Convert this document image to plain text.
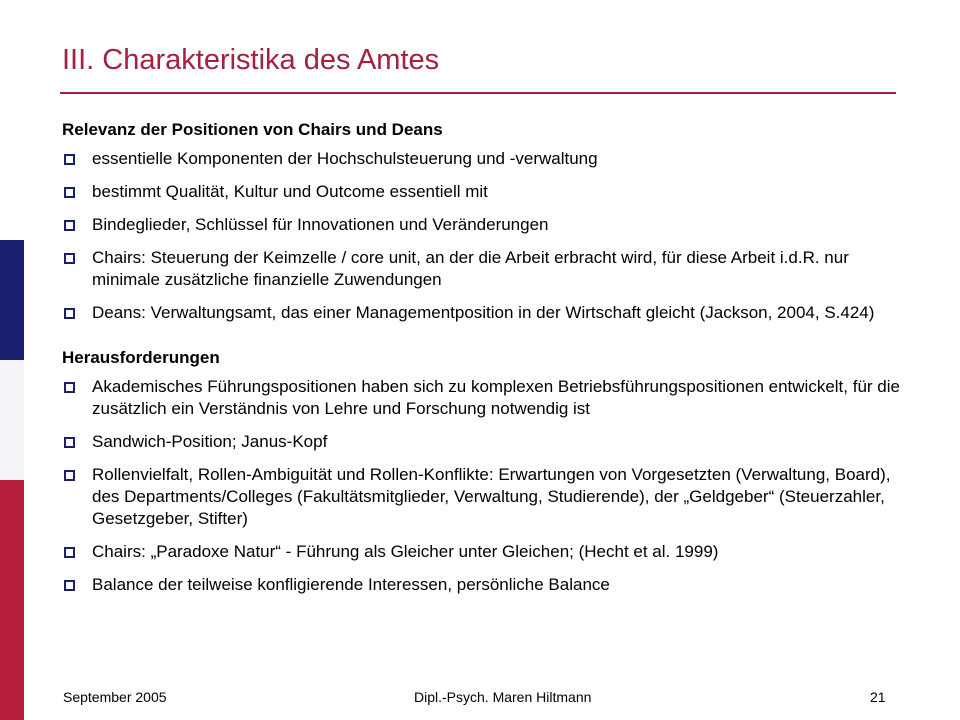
III. Charakteristika des Amtes
Relevanz der Positionen von Chairs und Deans
essentielle Komponenten der Hochschulsteuerung und -verwaltung
bestimmt Qualität, Kultur und Outcome essentiell mit
Bindeglieder, Schlüssel für Innovationen und Veränderungen
Chairs: Steuerung der Keimzelle / core unit, an der die Arbeit erbracht wird, für diese Arbeit i.d.R. nur minimale zusätzliche finanzielle Zuwendungen
Deans: Verwaltungsamt, das einer Managementposition in der Wirtschaft gleicht (Jackson, 2004, S.424)
Herausforderungen
Akademisches Führungspositionen haben sich zu komplexen Betriebsführungspositionen entwickelt, für die zusätzlich ein Verständnis von Lehre und Forschung notwendig ist
Sandwich-Position; Janus-Kopf
Rollenvielfalt, Rollen-Ambiguität und Rollen-Konflikte: Erwartungen von Vorgesetzten (Verwaltung, Board), des Departments/Colleges (Fakultätsmitglieder, Verwaltung, Studierende), der „Geldgeber“ (Steuerzahler, Gesetzgeber, Stifter)
Chairs: „Paradoxe Natur“ - Führung als Gleicher unter Gleichen; (Hecht et al. 1999)
Balance der teilweise konfligierende Interessen, persönliche Balance
September 2005	Dipl.-Psych. Maren Hiltmann	21
